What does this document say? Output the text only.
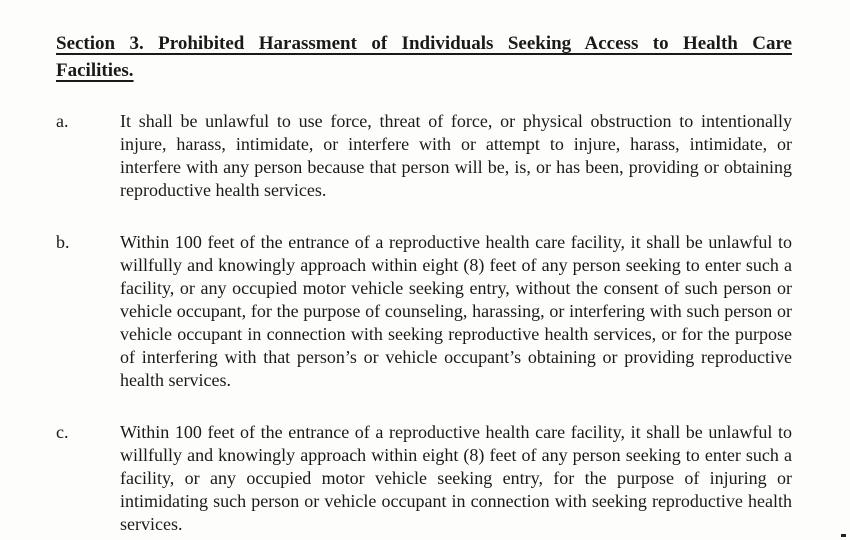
Section 3. Prohibited Harassment of Individuals Seeking Access to Health Care
Facilities.
a.	It shall be unlawful to use force, threat of force, or physical obstruction to intentionally injure, harass, intimidate, or interfere with or attempt to injure, harass, intimidate, or interfere with any person because that person will be, is, or has been, providing or obtaining reproductive health services.
b.	Within 100 feet of the entrance of a reproductive health care facility, it shall be unlawful to willfully and knowingly approach within eight (8) feet of any person seeking to enter such a facility, or any occupied motor vehicle seeking entry, without the consent of such person or vehicle occupant, for the purpose of counseling, harassing, or interfering with such person or vehicle occupant in connection with seeking reproductive health services, or for the purpose of interfering with that person’s or vehicle occupant’s obtaining or providing reproductive health services.
c.	Within 100 feet of the entrance of a reproductive health care facility, it shall be unlawful to willfully and knowingly approach within eight (8) feet of any person seeking to enter such a facility, or any occupied motor vehicle seeking entry, for the purpose of injuring or intimidating such person or vehicle occupant in connection with seeking reproductive health services.
